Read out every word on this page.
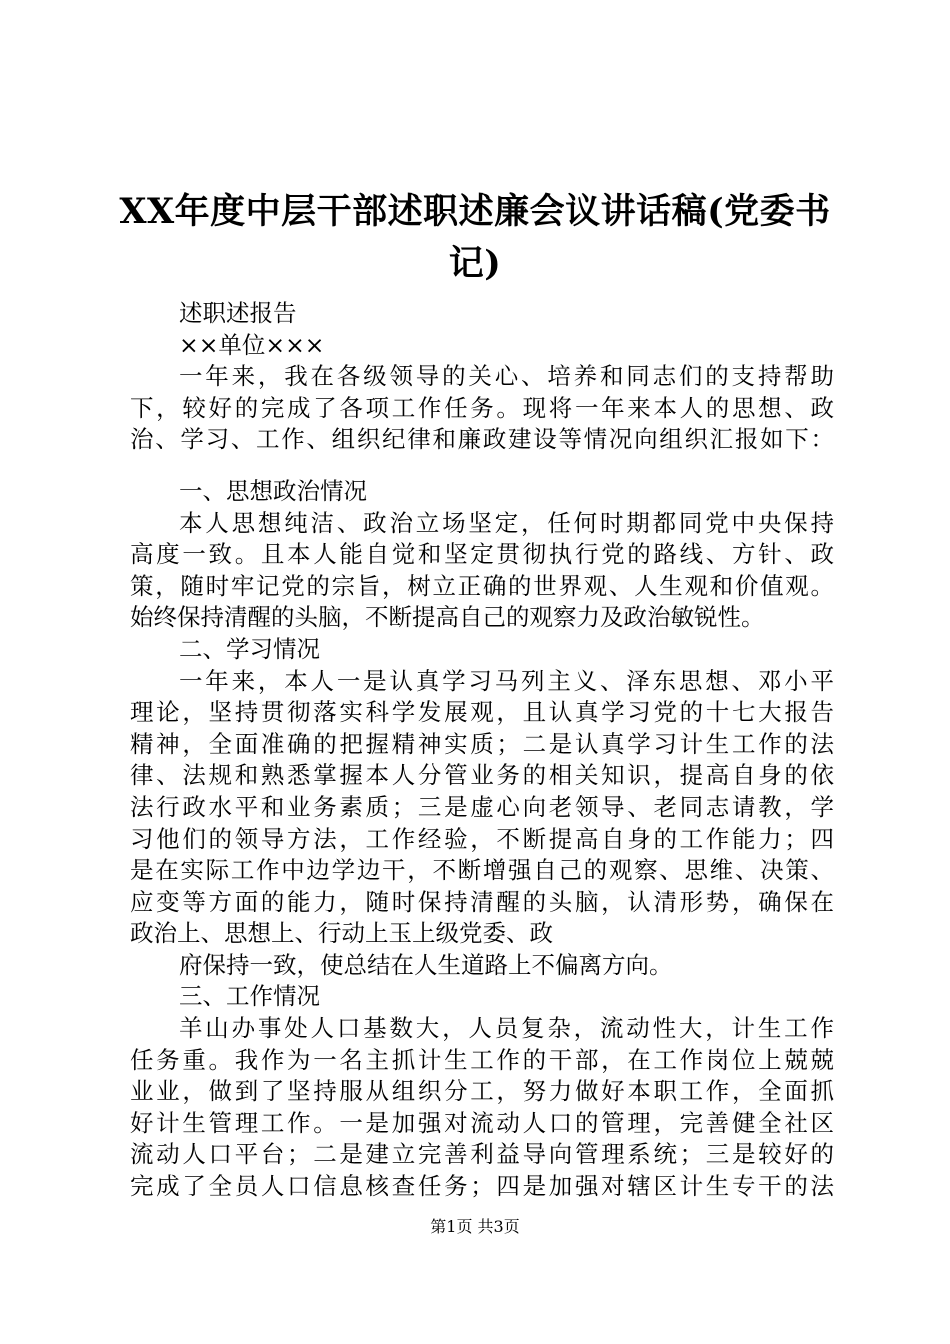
XX年度中层干部述职述廉会议讲话稿(党委书记)
述职述报告
××单位×××
一年来，我在各级领导的关心、培养和同志们的支持帮助
下，较好的完成了各项工作任务。现将一年来本人的思想、政
治、学习、工作、组织纪律和廉政建设等情况向组织汇报如下：
一、思想政治情况
本人思想纯洁、政治立场坚定，任何时期都同党中央保持
高度一致。且本人能自觉和坚定贯彻执行党的路线、方针、政
策，随时牢记党的宗旨，树立正确的世界观、人生观和价值观。
始终保持清醒的头脑，不断提高自己的观察力及政治敏锐性。
二、学习情况
一年来，本人一是认真学习马列主义、泽东思想、邓小平
理论，坚持贯彻落实科学发展观，且认真学习党的十七大报告
精神，全面准确的把握精神实质；二是认真学习计生工作的法
律、法规和熟悉掌握本人分管业务的相关知识，提高自身的依
法行政水平和业务素质；三是虚心向老领导、老同志请教，学
习他们的领导方法，工作经验，不断提高自身的工作能力；四
是在实际工作中边学边干，不断增强自己的观察、思维、决策、
应变等方面的能力，随时保持清醒的头脑，认清形势，确保在
政治上、思想上、行动上玉上级党委、政
府保持一致，使总结在人生道路上不偏离方向。
三、工作情况
羊山办事处人口基数大，人员复杂，流动性大，计生工作
任务重。我作为一名主抓计生工作的干部，在工作岗位上兢兢
业业，做到了坚持服从组织分工，努力做好本职工作，全面抓
好计生管理工作。一是加强对流动人口的管理，完善健全社区
流动人口平台；二是建立完善利益导向管理系统；三是较好的
完成了全员人口信息核查任务；四是加强对辖区计生专干的法
第1页 共3页
